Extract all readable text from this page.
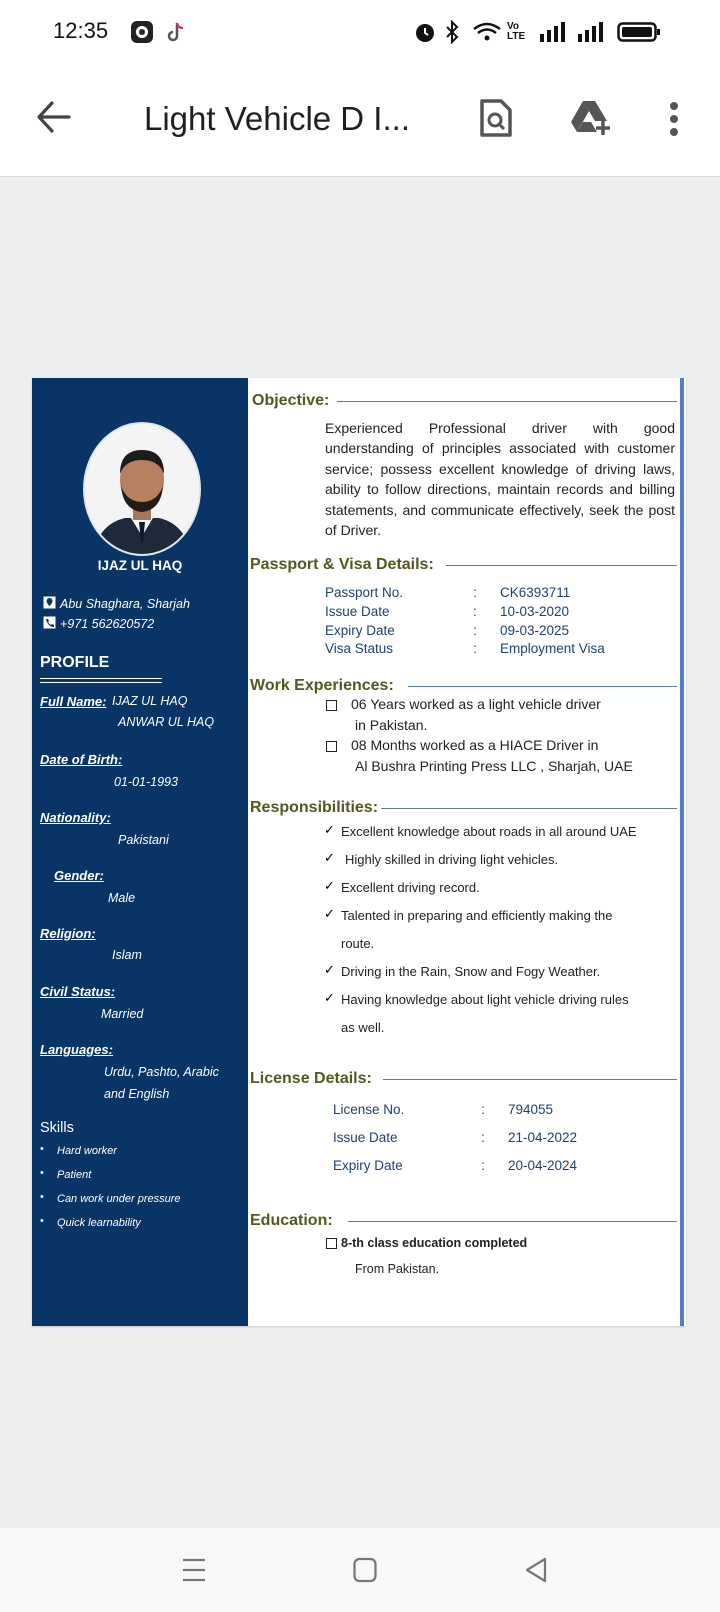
12:35	Vo LTE
Light Vehicle D I...
IJAZ UL HAQ
Abu Shaghara, Sharjah
+971 562620572
PROFILE
Full Name: IJAZ UL HAQ
ANWAR UL HAQ
Date of Birth:
01-01-1993
Nationality:
Pakistani
Gender:
Male
Religion:
Islam
Civil Status:
Married
Languages:
Urdu, Pashto, Arabic
and English
Skills
• Hard worker
• Patient
• Can work under pressure
• Quick learnability
Objective:
Experienced Professional driver with good understanding of principles associated with customer service; possess excellent knowledge of driving laws, ability to follow directions, maintain records and billing statements, and communicate effectively, seek the post of Driver.
Passport & Visa Details:
Passport No.	: CK6393711
Issue Date	: 10-03-2020
Expiry Date	: 09-03-2025
Visa Status	: Employment Visa
Work Experiences:
06 Years worked as a light vehicle driver
in Pakistan.
08 Months worked as a HIACE Driver in
Al Bushra Printing Press LLC , Sharjah, UAE
Responsibilities:
✓ Excellent knowledge about roads in all around UAE
✓ Highly skilled in driving light vehicles.
✓ Excellent driving record.
✓ Talented in preparing and efficiently making the
route.
✓ Driving in the Rain, Snow and Fogy Weather.
✓ Having knowledge about light vehicle driving rules
as well.
License Details:
License No.	: 794055
Issue Date	: 21-04-2022
Expiry Date	: 20-04-2024
Education:
8-th class education completed
From Pakistan.
